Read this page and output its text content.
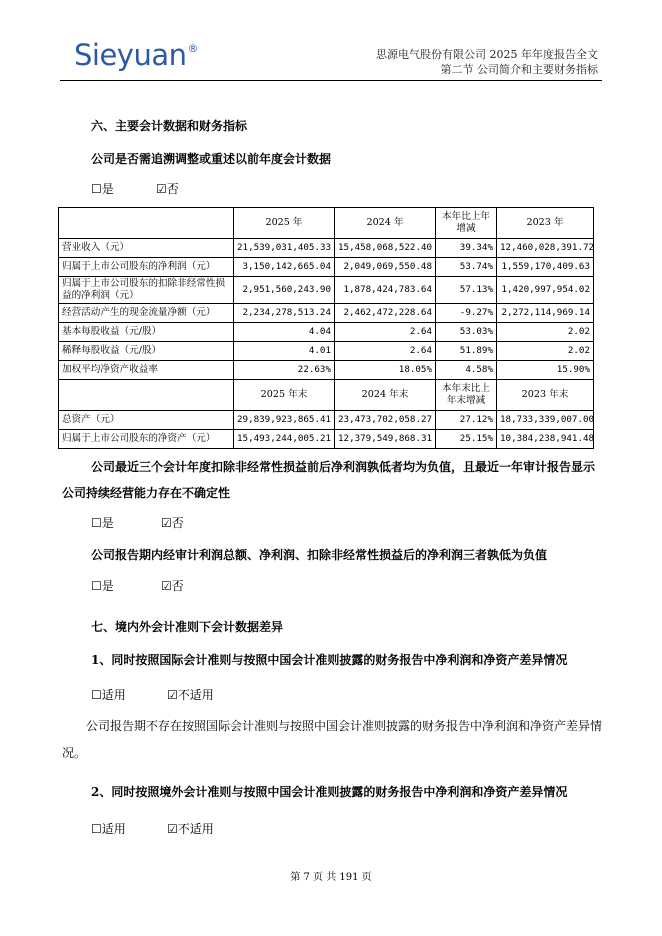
Sieyuan®	思源电气股份有限公司 2025 年年度报告全文
第二节 公司简介和主要财务指标
六、主要会计数据和财务指标
公司是否需追溯调整或重述以前年度会计数据
☐是	☑否
	2025 年	2024 年	本年比上年增减	2023 年
营业收入（元）	21,539,031,405.33	15,458,068,522.40	39.34%	12,460,028,391.72
归属于上市公司股东的净利润（元）	3,150,142,665.04	2,049,069,550.48	53.74%	1,559,170,409.63
归属于上市公司股东的扣除非经常性损益的净利润（元）	2,951,560,243.90	1,878,424,783.64	57.13%	1,420,997,954.02
经营活动产生的现金流量净额（元）	2,234,278,513.24	2,462,472,228.64	-9.27%	2,272,114,969.14
基本每股收益（元/股）	4.04	2.64	53.03%	2.02
稀释每股收益（元/股）	4.01	2.64	51.89%	2.02
加权平均净资产收益率	22.63%	18.05%	4.58%	15.90%
	2025 年末	2024 年末	本年末比上年末增减	2023 年末
总资产（元）	29,839,923,865.41	23,473,702,058.27	27.12%	18,733,339,007.00
归属于上市公司股东的净资产（元）	15,493,244,005.21	12,379,549,868.31	25.15%	10,384,238,941.48
公司最近三个会计年度扣除非经常性损益前后净利润孰低者均为负值，且最近一年审计报告显示
公司持续经营能力存在不确定性
☐是	☑否
公司报告期内经审计利润总额、净利润、扣除非经常性损益后的净利润三者孰低为负值
☐是	☑否
七、境内外会计准则下会计数据差异
1、同时按照国际会计准则与按照中国会计准则披露的财务报告中净利润和净资产差异情况
☐适用	☑不适用
公司报告期不存在按照国际会计准则与按照中国会计准则披露的财务报告中净利润和净资产差异情
况。
2、同时按照境外会计准则与按照中国会计准则披露的财务报告中净利润和净资产差异情况
☐适用	☑不适用
第 7 页 共 191 页
